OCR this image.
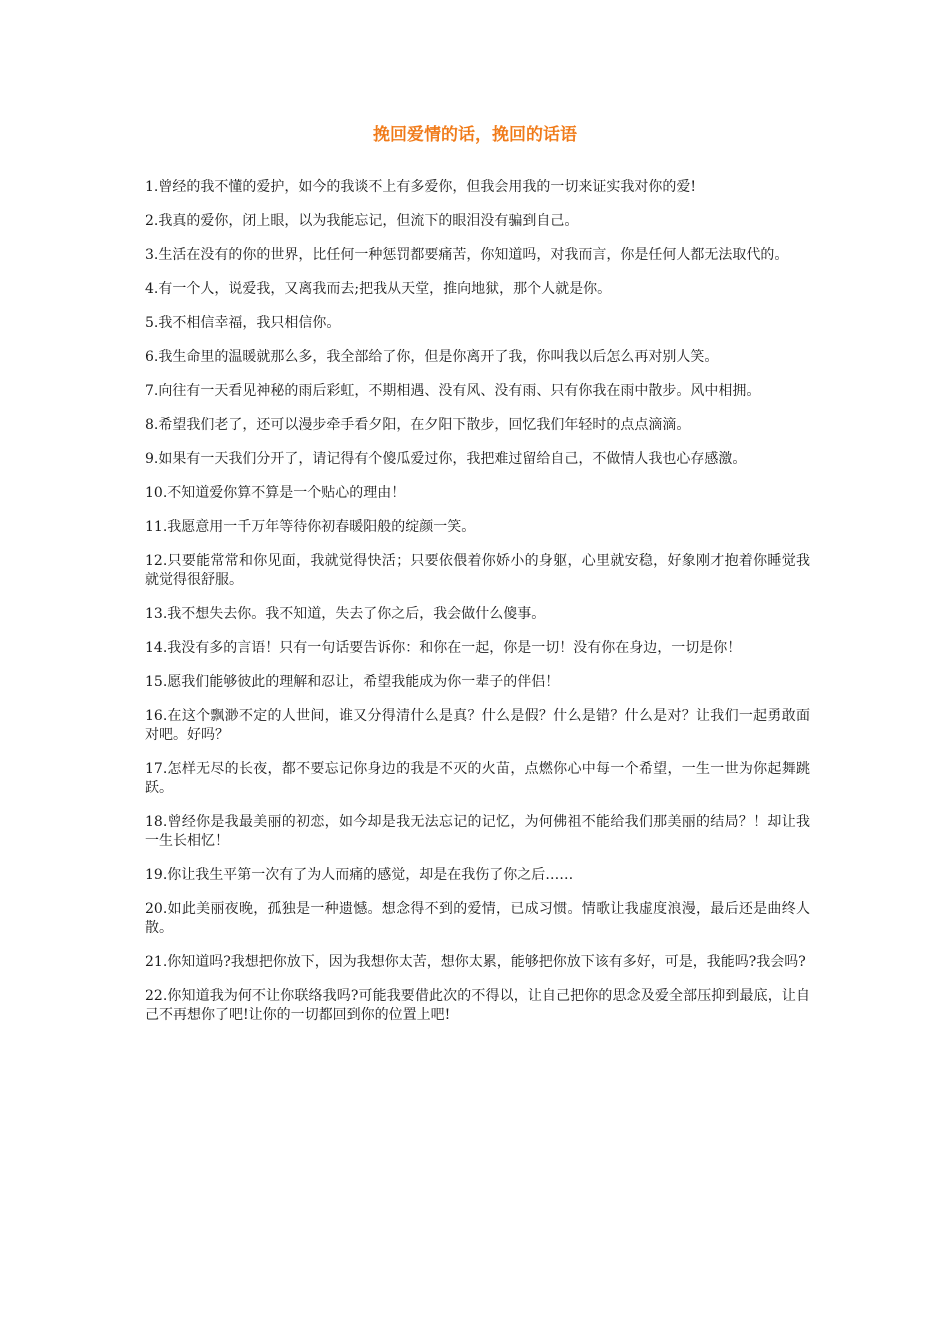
挽回爱情的话，挽回的话语
1.曾经的我不懂的爱护，如今的我谈不上有多爱你，但我会用我的一切来证实我对你的爱!
2.我真的爱你，闭上眼，以为我能忘记，但流下的眼泪没有骗到自己。
3.生活在没有的你的世界，比任何一种惩罚都要痛苦，你知道吗，对我而言，你是任何人都无法取代的。
4.有一个人，说爱我，又离我而去;把我从天堂，推向地狱，那个人就是你。
5.我不相信幸福，我只相信你。
6.我生命里的温暖就那么多，我全部给了你，但是你离开了我，你叫我以后怎么再对别人笑。
7.向往有一天看见神秘的雨后彩虹，不期相遇、没有风、没有雨、只有你我在雨中散步。风中相拥。
8.希望我们老了，还可以漫步牵手看夕阳，在夕阳下散步，回忆我们年轻时的点点滴滴。
9.如果有一天我们分开了，请记得有个傻瓜爱过你，我把难过留给自己，不做情人我也心存感激。
10.不知道爱你算不算是一个贴心的理由！
11.我愿意用一千万年等待你初春暖阳般的绽颜一笑。
12.只要能常常和你见面，我就觉得快活；只要依偎着你娇小的身躯，心里就安稳，好象刚才抱着你睡觉我就觉得很舒服。
13.我不想失去你。我不知道，失去了你之后，我会做什么傻事。
14.我没有多的言语！只有一句话要告诉你：和你在一起，你是一切！没有你在身边，一切是你！
15.愿我们能够彼此的理解和忍让，希望我能成为你一辈子的伴侣！
16.在这个飘渺不定的人世间，谁又分得清什么是真？什么是假？什么是错？什么是对？让我们一起勇敢面对吧。好吗？
17.怎样无尽的长夜，都不要忘记你身边的我是不灭的火苗，点燃你心中每一个希望，一生一世为你起舞跳跃。
18.曾经你是我最美丽的初恋，如今却是我无法忘记的记忆，为何佛祖不能给我们那美丽的结局？！却让我一生长相忆！
19.你让我生平第一次有了为人而痛的感觉，却是在我伤了你之后……
20.如此美丽夜晚，孤独是一种遗憾。想念得不到的爱情，已成习惯。情歌让我虚度浪漫，最后还是曲终人散。
21.你知道吗?我想把你放下，因为我想你太苦，想你太累，能够把你放下该有多好，可是，我能吗?我会吗?
22.你知道我为何不让你联络我吗?可能我要借此次的不得以，让自己把你的思念及爱全部压抑到最底，让自己不再想你了吧!让你的一切都回到你的位置上吧!
